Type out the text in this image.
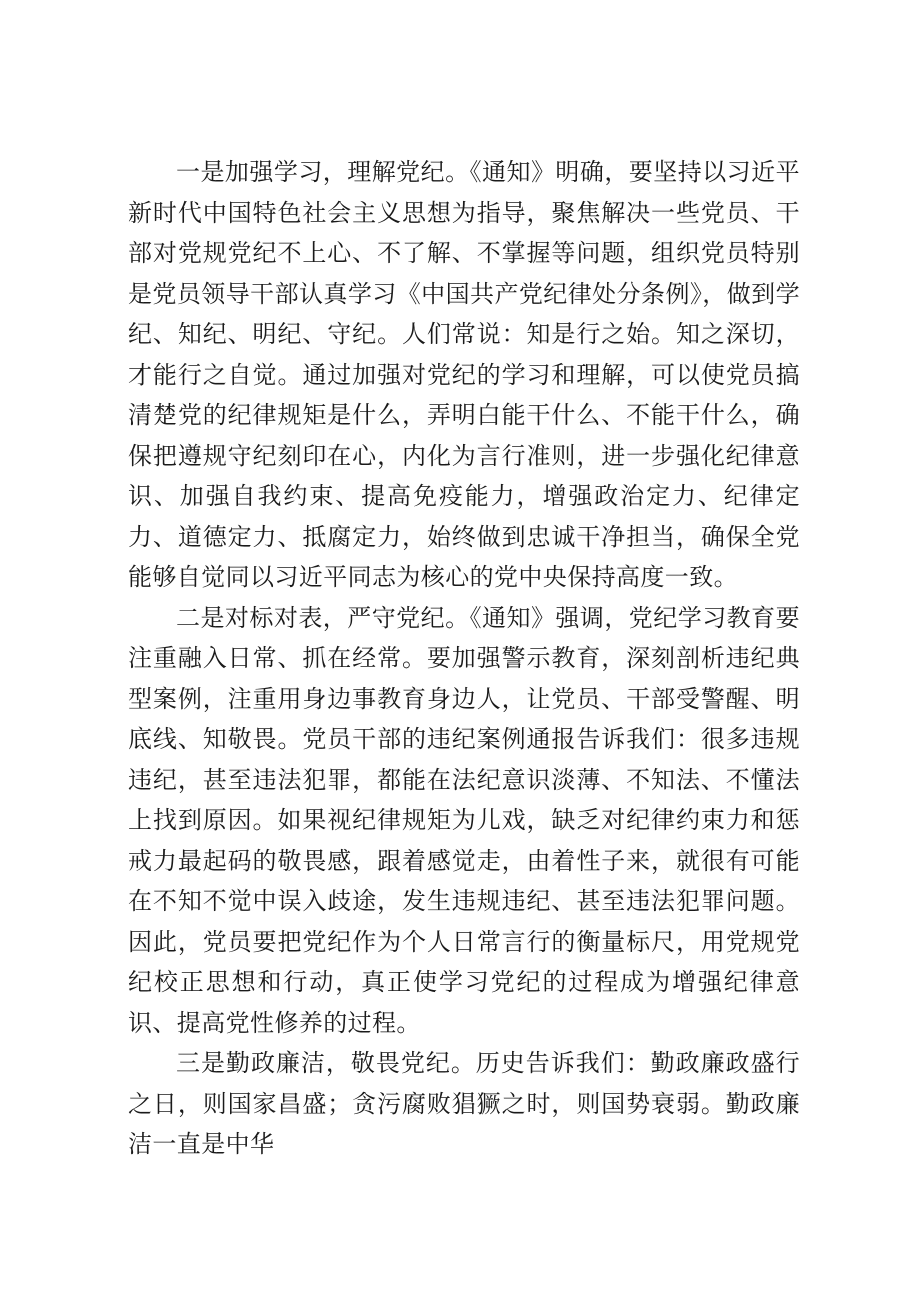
一是加强学习，理解党纪。《通知》明确，要坚持以习近平新时代中国特色社会主义思想为指导，聚焦解决一些党员、干部对党规党纪不上心、不了解、不掌握等问题，组织党员特别是党员领导干部认真学习《中国共产党纪律处分条例》，做到学纪、知纪、明纪、守纪。人们常说：知是行之始。知之深切，才能行之自觉。通过加强对党纪的学习和理解，可以使党员搞清楚党的纪律规矩是什么，弄明白能干什么、不能干什么，确保把遵规守纪刻印在心，内化为言行准则，进一步强化纪律意识、加强自我约束、提高免疫能力，增强政治定力、纪律定力、道德定力、抵腐定力，始终做到忠诚干净担当，确保全党能够自觉同以习近平同志为核心的党中央保持高度一致。

二是对标对表，严守党纪。《通知》强调，党纪学习教育要注重融入日常、抓在经常。要加强警示教育，深刻剖析违纪典型案例，注重用身边事教育身边人，让党员、干部受警醒、明底线、知敬畏。党员干部的违纪案例通报告诉我们：很多违规违纪，甚至违法犯罪，都能在法纪意识淡薄、不知法、不懂法上找到原因。如果视纪律规矩为儿戏，缺乏对纪律约束力和惩戒力最起码的敬畏感，跟着感觉走，由着性子来，就很有可能在不知不觉中误入歧途，发生违规违纪、甚至违法犯罪问题。因此，党员要把党纪作为个人日常言行的衡量标尺，用党规党纪校正思想和行动，真正使学习党纪的过程成为增强纪律意识、提高党性修养的过程。

三是勤政廉洁，敬畏党纪。历史告诉我们：勤政廉政盛行之日，则国家昌盛；贪污腐败猖獗之时，则国势衰弱。勤政廉洁一直是中华
